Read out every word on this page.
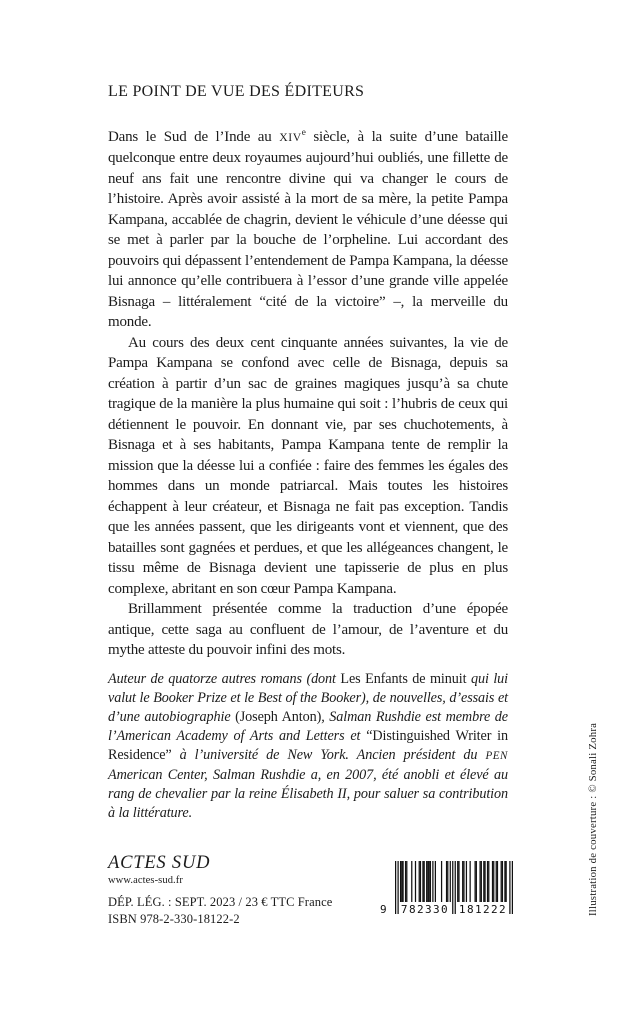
LE POINT DE VUE DES ÉDITEURS

Dans le Sud de l’Inde au XIVe siècle, à la suite d’une bataille quelconque entre deux royaumes aujourd’hui oubliés, une fillette de neuf ans fait une rencontre divine qui va changer le cours de l’histoire. Après avoir assisté à la mort de sa mère, la petite Pampa Kampana, accablée de chagrin, devient le véhicule d’une déesse qui se met à parler par la bouche de l’orpheline. Lui accordant des pouvoirs qui dépassent l’entendement de Pampa Kampana, la déesse lui annonce qu’elle contribuera à l’essor d’une grande ville appelée Bisnaga – littéralement “cité de la victoire” –, la merveille du monde.

Au cours des deux cent cinquante années suivantes, la vie de Pampa Kampana se confond avec celle de Bisnaga, depuis sa création à partir d’un sac de graines magiques jusqu’à sa chute tragique de la manière la plus humaine qui soit : l’hubris de ceux qui détiennent le pouvoir. En donnant vie, par ses chuchotements, à Bisnaga et à ses habitants, Pampa Kampana tente de remplir la mission que la déesse lui a confiée : faire des femmes les égales des hommes dans un monde patriarcal. Mais toutes les histoires échappent à leur créateur, et Bisnaga ne fait pas exception. Tandis que les années passent, que les dirigeants vont et viennent, que des batailles sont gagnées et perdues, et que les allégeances changent, le tissu même de Bisnaga devient une tapisserie de plus en plus complexe, abritant en son cœur Pampa Kampana.

Brillamment présentée comme la traduction d’une épopée antique, cette saga au confluent de l’amour, de l’aventure et du mythe atteste du pouvoir infini des mots.

Auteur de quatorze autres romans (dont Les Enfants de minuit qui lui valut le Booker Prize et le Best of the Booker), de nouvelles, d’essais et d’une autobiographie (Joseph Anton), Salman Rushdie est membre de l’American Academy of Arts and Letters et “Distinguished Writer in Residence” à l’université de New York. Ancien président du PEN American Center, Salman Rushdie a, en 2007, été anobli et élevé au rang de chevalier par la reine Élisabeth II, pour saluer sa contribution à la littérature.

ACTES SUD
www.actes-sud.fr
DÉP. LÉG. : SEPT. 2023 / 23 € TTC France
ISBN 978-2-330-18122-2
9 782330 181222	Illustration de couverture : © Sonali Zohra
